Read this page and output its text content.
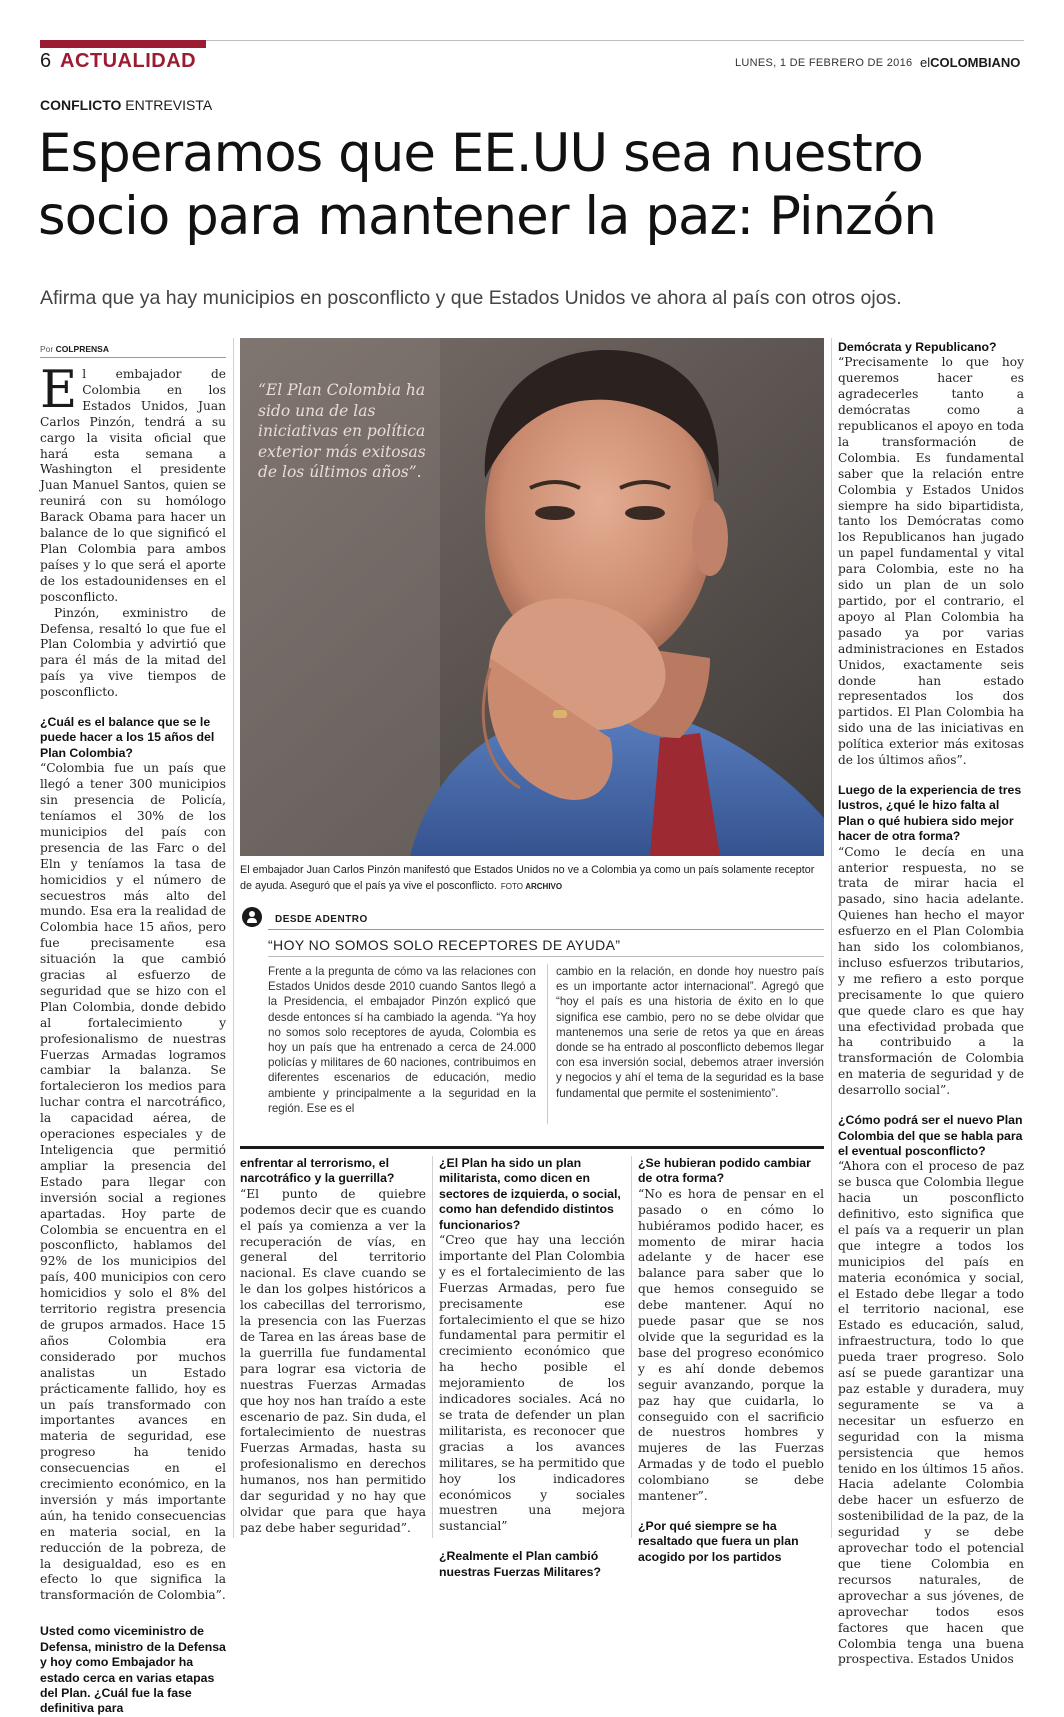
6 ACTUALIDAD	LUNES, 1 DE FEBRERO DE 2016 elCOLOMBIANO
CONFLICTO ENTREVISTA
Esperamos que EE.UU sea nuestro
socio para mantener la paz: Pinzón
Afirma que ya hay municipios en posconflicto y que Estados Unidos ve ahora al país con otros ojos.
Por COLPRENSA

El embajador de Colombia en los Estados Unidos, Juan Carlos Pinzón, tendrá a su cargo la visita oficial que hará esta semana a Washington el presidente Juan Manuel Santos, quien se reunirá con su homólogo Barack Obama para hacer un balance de lo que significó el Plan Colombia para ambos países y lo que será el aporte de los estadounidenses en el posconflicto.

Pinzón, exministro de Defensa, resaltó lo que fue el Plan Colombia y advirtió que para él más de la mitad del país ya vive tiempos de posconflicto.

¿Cuál es el balance que se le puede hacer a los 15 años del Plan Colombia?

“Colombia fue un país que llegó a tener 300 municipios sin presencia de Policía, teníamos el 30% de los municipios del país con presencia de las Farc o del Eln y teníamos la tasa de homicidios y el número de secuestros más alto del mundo. Esa era la realidad de Colombia hace 15 años, pero fue precisamente esa situación la que cambió gracias al esfuerzo de seguridad que se hizo con el Plan Colombia, donde debido al fortalecimiento y profesionalismo de nuestras Fuerzas Armadas logramos cambiar la balanza. Se fortalecieron los medios para luchar contra el narcotráfico, la capacidad aérea, de operaciones especiales y de Inteligencia que permitió ampliar la presencia del Estado para llegar con inversión social a regiones apartadas. Hoy parte de Colombia se encuentra en el posconflicto, hablamos del 92% de los municipios del país, 400 municipios con cero homicidios y solo el 8% del territorio registra presencia de grupos armados. Hace 15 años Colombia era considerado por muchos analistas un Estado prácticamente fallido, hoy es un país transformado con importantes avances en materia de seguridad, ese progreso ha tenido consecuencias en el crecimiento económico, en la inversión y más importante aún, ha tenido consecuencias en materia social, en la reducción de la pobreza, de la desigualdad, eso es en efecto lo que significa la transformación de Colombia”.

Usted como viceministro de Defensa, ministro de la Defensa y hoy como Embajador ha estado cerca en varias etapas del Plan. ¿Cuál fue la fase definitiva para

“El Plan Colombia ha sido una de las iniciativas en política exterior más exitosas de los últimos años”.
El embajador Juan Carlos Pinzón manifestó que Estados Unidos no ve a Colombia ya como un país solamente receptor de ayuda. Aseguró que el país ya vive el posconflicto. FOTO ARCHIVO
DESDE ADENTRO
“HOY NO SOMOS SOLO RECEPTORES DE AYUDA”
Frente a la pregunta de cómo va las relaciones con Estados Unidos desde 2010 cuando Santos llegó a la Presidencia, el embajador Pinzón explicó que desde entonces sí ha cambiado la agenda. “Ya hoy no somos solo receptores de ayuda, Colombia es hoy un país que ha entrenado a cerca de 24.000 policías y militares de 60 naciones, contribuimos en diferentes escenarios de educación, medio ambiente y principalmente a la seguridad en la región. Ese es el
cambio en la relación, en donde hoy nuestro país es un importante actor internacional”. Agregó que “hoy el país es una historia de éxito en lo que significa ese cambio, pero no se debe olvidar que mantenemos una serie de retos ya que en áreas donde se ha entrado al posconflicto debemos llegar con esa inversión social, debemos atraer inversión y negocios y ahí el tema de la seguridad es la base fundamental que permite el sostenimiento”.

enfrentar al terrorismo, el narcotráfico y la guerrilla?

“El punto de quiebre podemos decir que es cuando el país ya comienza a ver la recuperación de vías, en general del territorio nacional. Es clave cuando se le dan los golpes históricos a los cabecillas del terrorismo, la presencia con las Fuerzas de Tarea en las áreas base de la guerrilla fue fundamental para lograr esa victoria de nuestras Fuerzas Armadas que hoy nos han traído a este escenario de paz. Sin duda, el fortalecimiento de nuestras Fuerzas Armadas, hasta su profesionalismo en derechos humanos, nos han permitido dar seguridad y no hay que olvidar que para que haya paz debe haber seguridad”.

¿El Plan ha sido un plan militarista, como dicen en sectores de izquierda, o social, como han defendido distintos funcionarios?

“Creo que hay una lección importante del Plan Colombia y es el fortalecimiento de las Fuerzas Armadas, pero fue precisamente ese fortalecimiento el que se hizo fundamental para permitir el crecimiento económico que ha hecho posible el mejoramiento de los indicadores sociales. Acá no se trata de defender un plan militarista, es reconocer que gracias a los avances militares, se ha permitido que hoy los indicadores económicos y sociales muestren una mejora sustancial”

¿Realmente el Plan cambió nuestras Fuerzas Militares?

¿Se hubieran podido cambiar de otra forma?

“No es hora de pensar en el pasado o en cómo lo hubiéramos podido hacer, es momento de mirar hacia adelante y de hacer ese balance para saber que lo que hemos conseguido se debe mantener. Aquí no puede pasar que se nos olvide que la seguridad es la base del progreso económico y es ahí donde debemos seguir avanzando, porque la paz hay que cuidarla, lo conseguido con el sacrificio de nuestros hombres y mujeres de las Fuerzas Armadas y de todo el pueblo colombiano se debe mantener”.

¿Por qué siempre se ha resaltado que fuera un plan acogido por los partidos

Demócrata y Republicano?

“Precisamente lo que hoy queremos hacer es agradecerles tanto a demócratas como a republicanos el apoyo en toda la transformación de Colombia. Es fundamental saber que la relación entre Colombia y Estados Unidos siempre ha sido bipartidista, tanto los Demócratas como los Republicanos han jugado un papel fundamental y vital para Colombia, este no ha sido un plan de un solo partido, por el contrario, el apoyo al Plan Colombia ha pasado ya por varias administraciones en Estados Unidos, exactamente seis donde han estado representados los dos partidos. El Plan Colombia ha sido una de las iniciativas en política exterior más exitosas de los últimos años”.

Luego de la experiencia de tres lustros, ¿qué le hizo falta al Plan o qué hubiera sido mejor hacer de otra forma?

“Como le decía en una anterior respuesta, no se trata de mirar hacia el pasado, sino hacia adelante. Quienes han hecho el mayor esfuerzo en el Plan Colombia han sido los colombianos, incluso esfuerzos tributarios, y me refiero a esto porque precisamente lo que quiero que quede claro es que hay una efectividad probada que ha contribuido a la transformación de Colombia en materia de seguridad y de desarrollo social”.

¿Cómo podrá ser el nuevo Plan Colombia del que se habla para el eventual posconflicto?

“Ahora con el proceso de paz se busca que Colombia llegue hacia un posconflicto definitivo, esto significa que el país va a requerir un plan que integre a todos los municipios del país en materia económica y social, el Estado debe llegar a todo el territorio nacional, ese Estado es educación, salud, infraestructura, todo lo que pueda traer progreso. Solo así se puede garantizar una paz estable y duradera, muy seguramente se va a necesitar un esfuerzo en seguridad con la misma persistencia que hemos tenido en los últimos 15 años. Hacia adelante Colombia debe hacer un esfuerzo de sostenibilidad de la paz, de la seguridad y se debe aprovechar todo el potencial que tiene Colombia en recursos naturales, de aprovechar a sus jóvenes, de aprovechar todos esos factores que hacen que Colombia tenga una buena prospectiva. Estados Unidos
